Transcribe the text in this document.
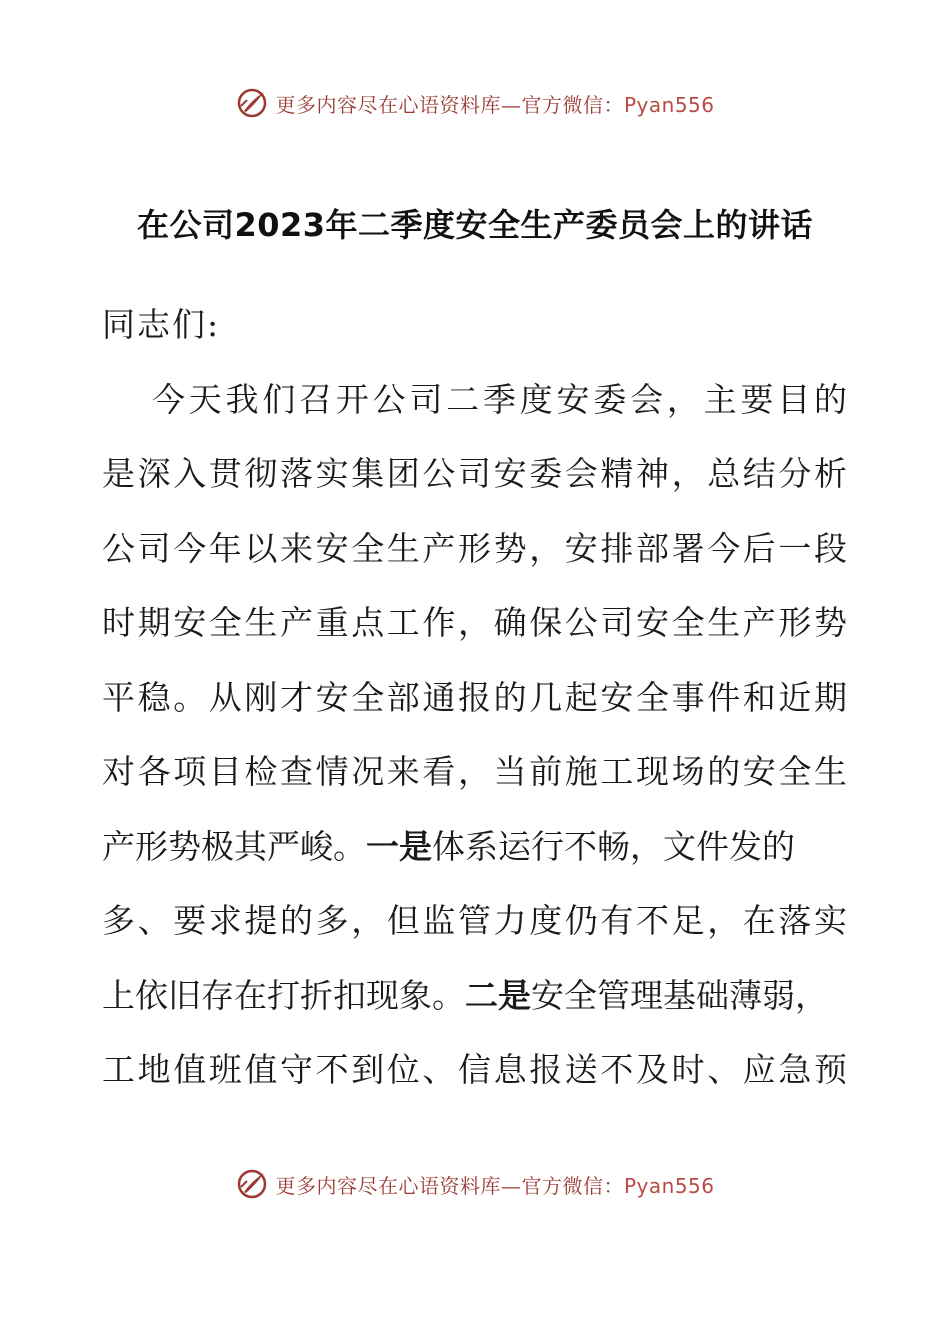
更多内容尽在心语资料库—官方微信：Pyan556
在公司2023年二季度安全生产委员会上的讲话
同志们:
今天我们召开公司二季度安委会，主要目的
是深入贯彻落实集团公司安委会精神，总结分析
公司今年以来安全生产形势，安排部署今后一段
时期安全生产重点工作，确保公司安全生产形势
平稳。从刚才安全部通报的几起安全事件和近期
对各项目检查情况来看，当前施工现场的安全生
产形势极其严峻。 一是 体系运行不畅，文件发的
多、要求提的多，但监管力度仍有不足，在落实
上依旧存在打折扣现象。 二是 安全管理基础薄弱，
工地值班值守不到位、信息报送不及时、应急预
更多内容尽在心语资料库—官方微信：Pyan556
